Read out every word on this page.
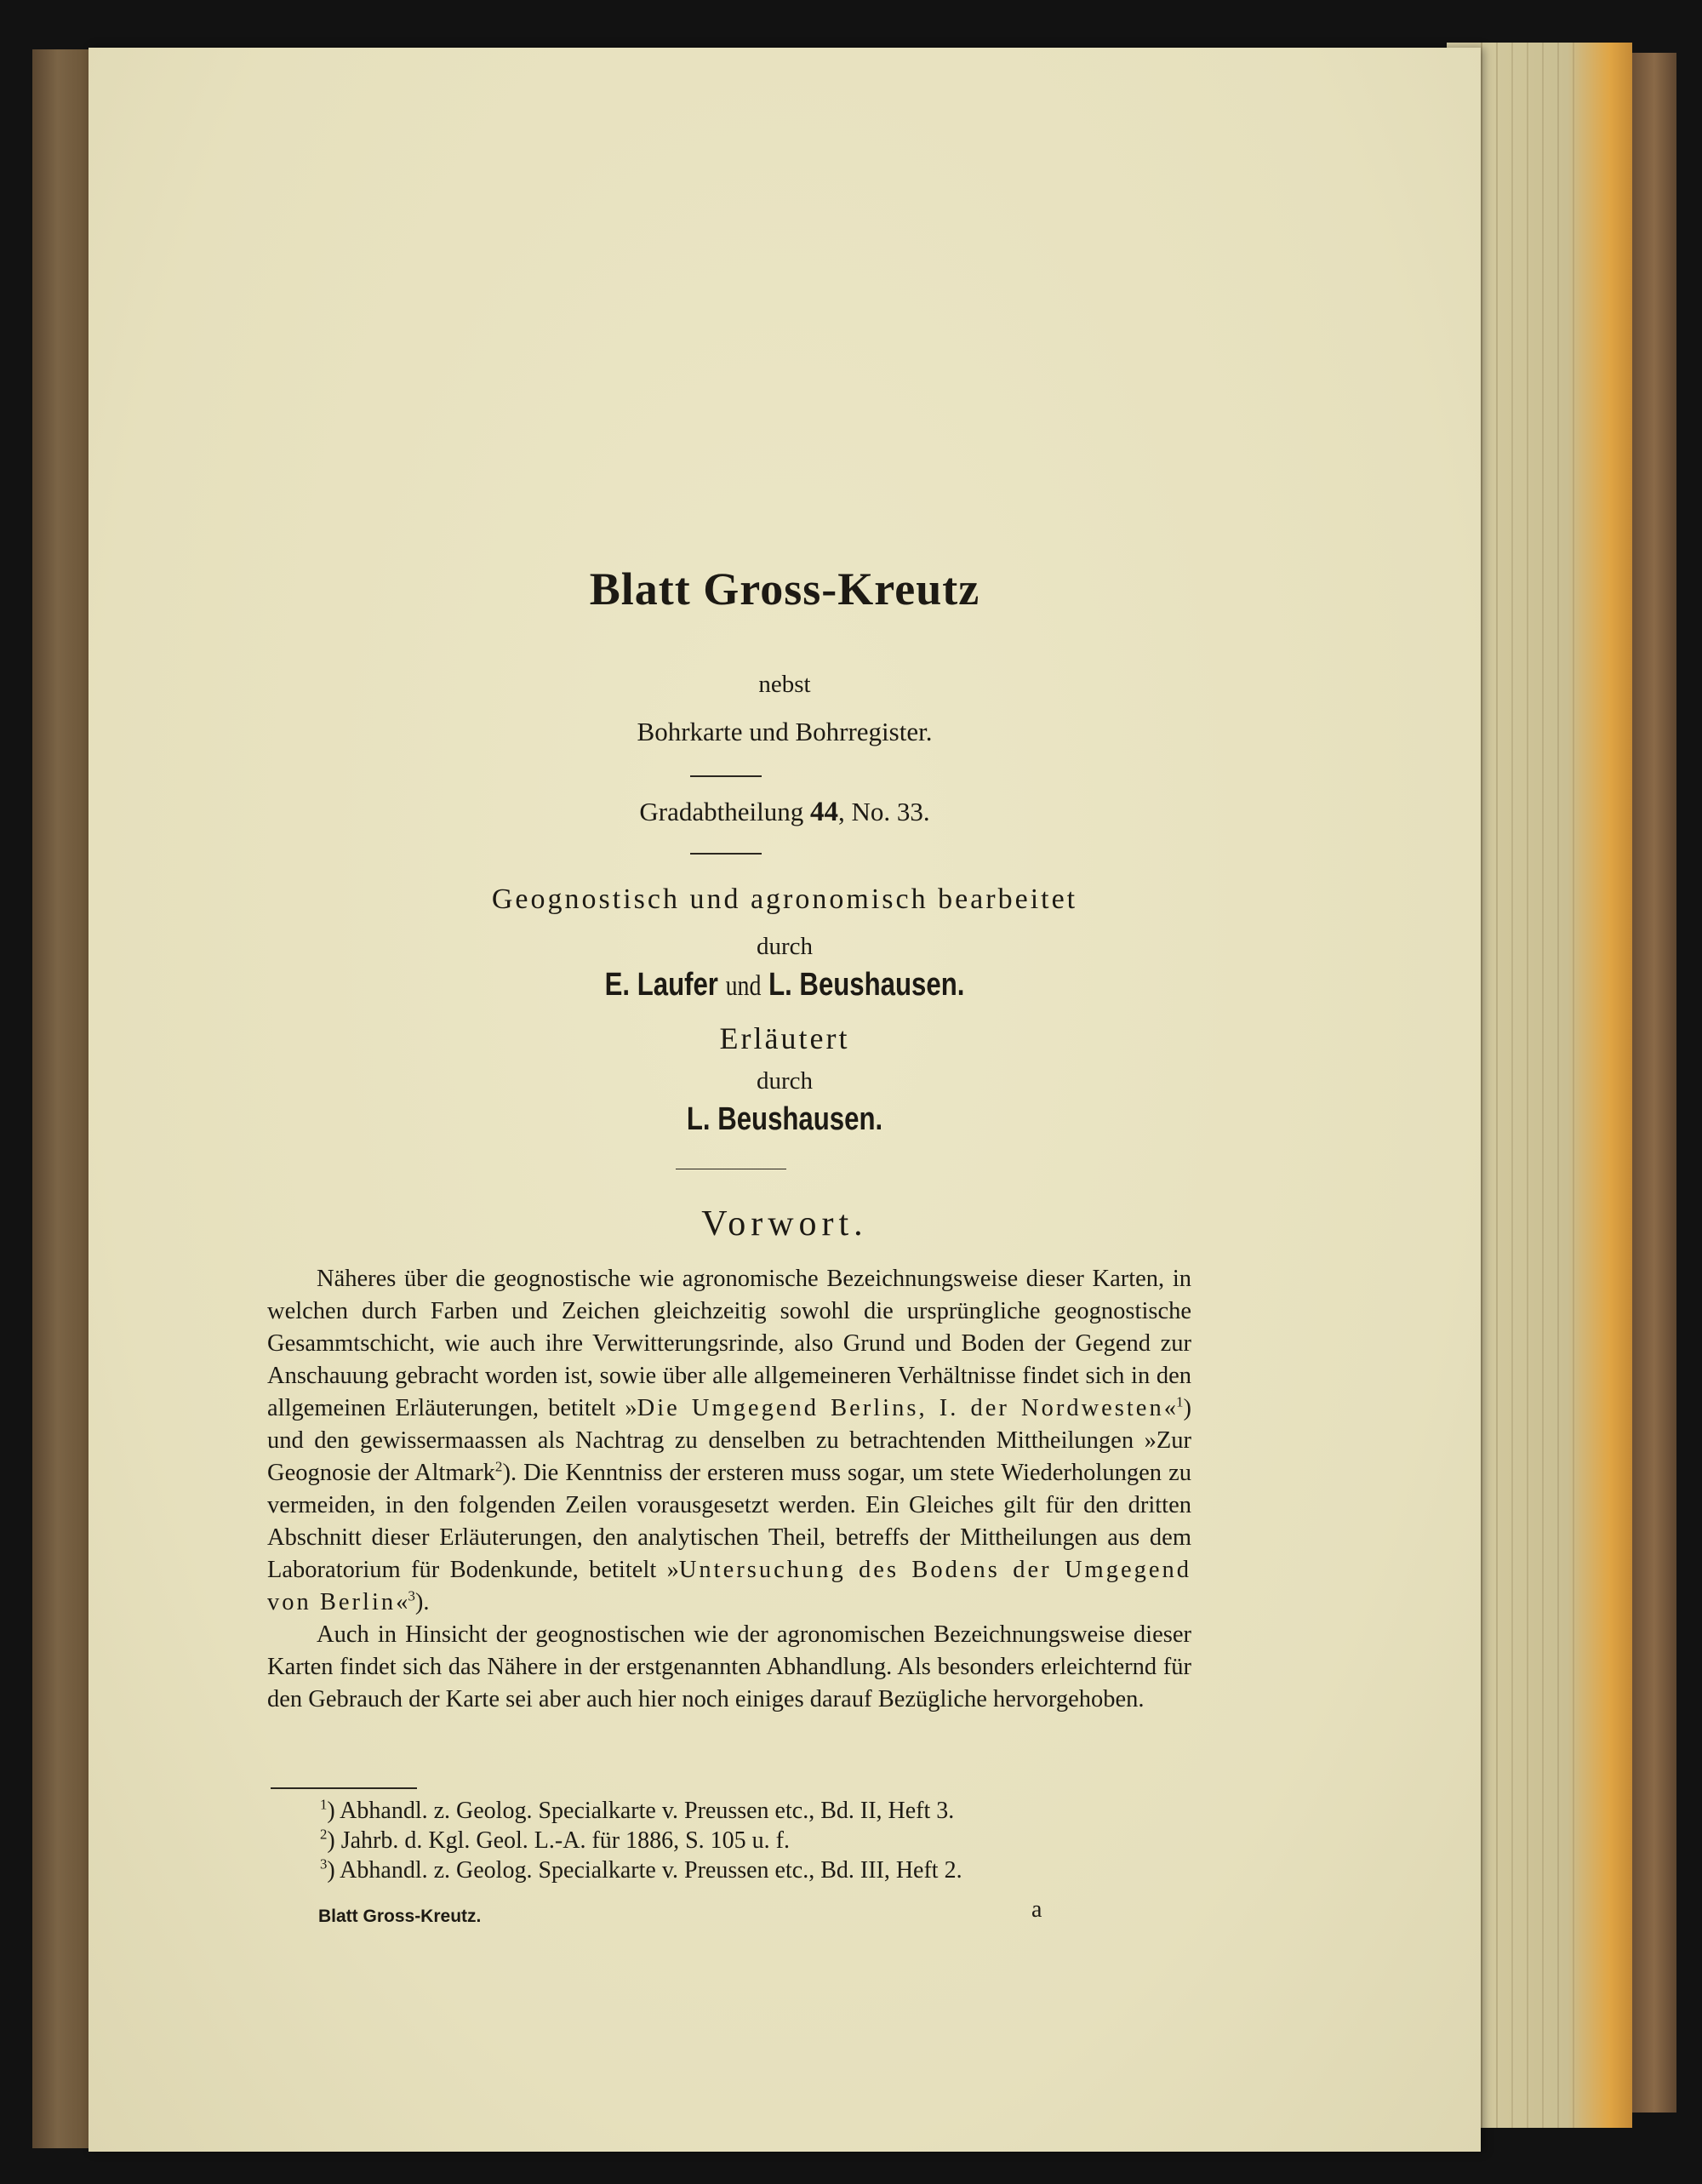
Blatt Gross-Kreutz
nebst
Bohrkarte und Bohrregister.
Gradabtheilung 44, No. 33.
Geognostisch und agronomisch bearbeitet
durch
E. Laufer und L. Beushausen.
Erläutert
durch
L. Beushausen.
Vorwort.

Näheres über die geognostische wie agronomische Bezeichnungsweise dieser Karten, in welchen durch Farben und Zeichen gleichzeitig sowohl die ursprüngliche geognostische Gesammtschicht, wie auch ihre Verwitterungsrinde, also Grund und Boden der Gegend zur Anschauung gebracht worden ist, sowie über alle allgemeineren Verhältnisse findet sich in den allgemeinen Erläuterungen, betitelt »Die Umgegend Berlins, I. der Nordwesten«$^1$) und den gewissermaassen als Nachtrag zu denselben zu betrachtenden Mittheilungen »Zur Geognosie der Altmark$^2$). Die Kenntniss der ersteren muss sogar, um stete Wiederholungen zu vermeiden, in den folgenden Zeilen vorausgesetzt werden. Ein Gleiches gilt für den dritten Abschnitt dieser Erläuterungen, den analytischen Theil, betreffs der Mittheilungen aus dem Laboratorium für Bodenkunde, betitelt »Untersuchung des Bodens der Umgegend von Berlin«$^3$).

Auch in Hinsicht der geognostischen wie der agronomischen Bezeichnungsweise dieser Karten findet sich das Nähere in der erstgenannten Abhandlung. Als besonders erleichternd für den Gebrauch der Karte sei aber auch hier noch einiges darauf Bezügliche hervorgehoben.

$^1$) Abhandl. z. Geolog. Specialkarte v. Preussen etc., Bd. II, Heft 3.
$^2$) Jahrb. d. Kgl. Geol. L.-A. für 1886, S. 105 u. f.
$^3$) Abhandl. z. Geolog. Specialkarte v. Preussen etc., Bd. III, Heft 2.
Blatt Gross-Kreutz.	a
